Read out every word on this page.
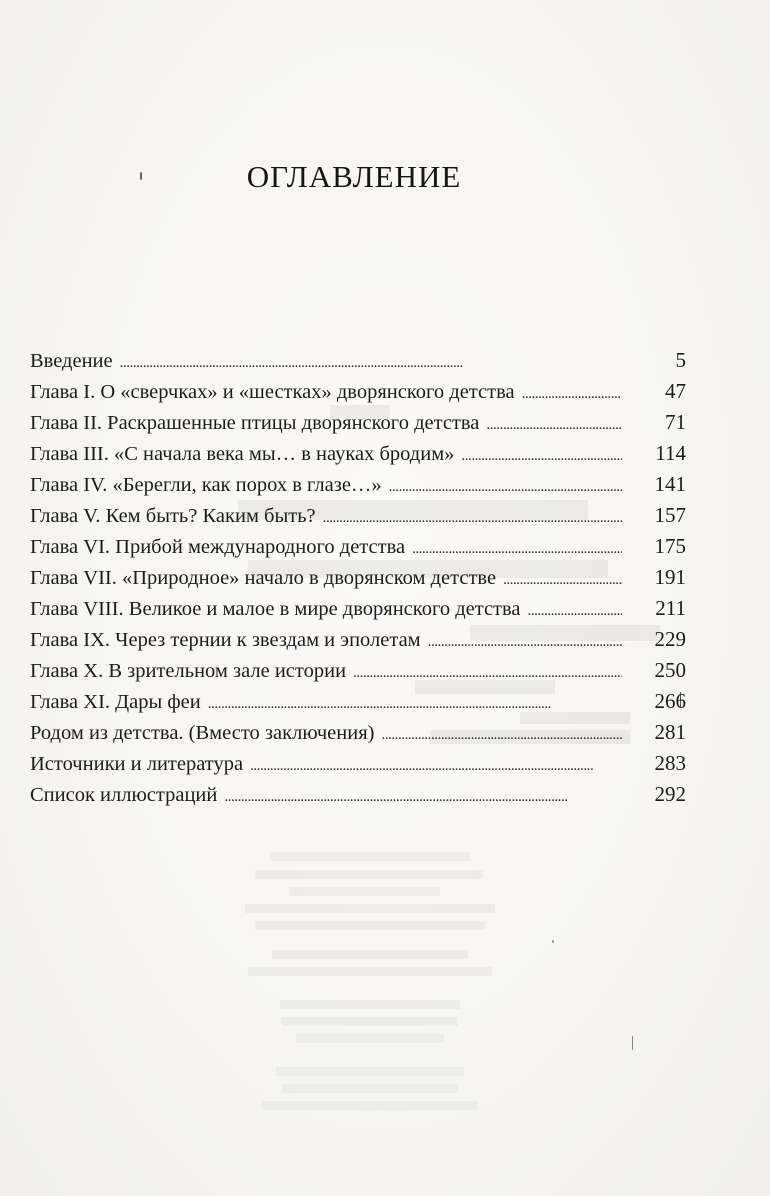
ОГЛАВЛЕНИЕ
Введение . . .	5
Глава I. О «сверчках» и «шестках» дворянского детства . . .	47
Глава II. Раскрашенные птицы дворянского детства . . .	71
Глава III. «С начала века мы… в науках бродим» . . .	114
Глава IV. «Берегли, как порох в глазе…» . . .	141
Глава V. Кем быть? Каким быть? . . .	157
Глава VI. Прибой международного детства . . .	175
Глава VII. «Природное» начало в дворянском детстве . . .	191
Глава VIII. Великое и малое в мире дворянского детства . . .	211
Глава IX. Через тернии к звездам и эполетам . . .	229
Глава X. В зрительном зале истории . . .	250
Глава XI. Дары феи . . .	266
Родом из детства. (Вместо заключения) . . .	281
Источники и литература . . .	283
Список иллюстраций . . .	292
